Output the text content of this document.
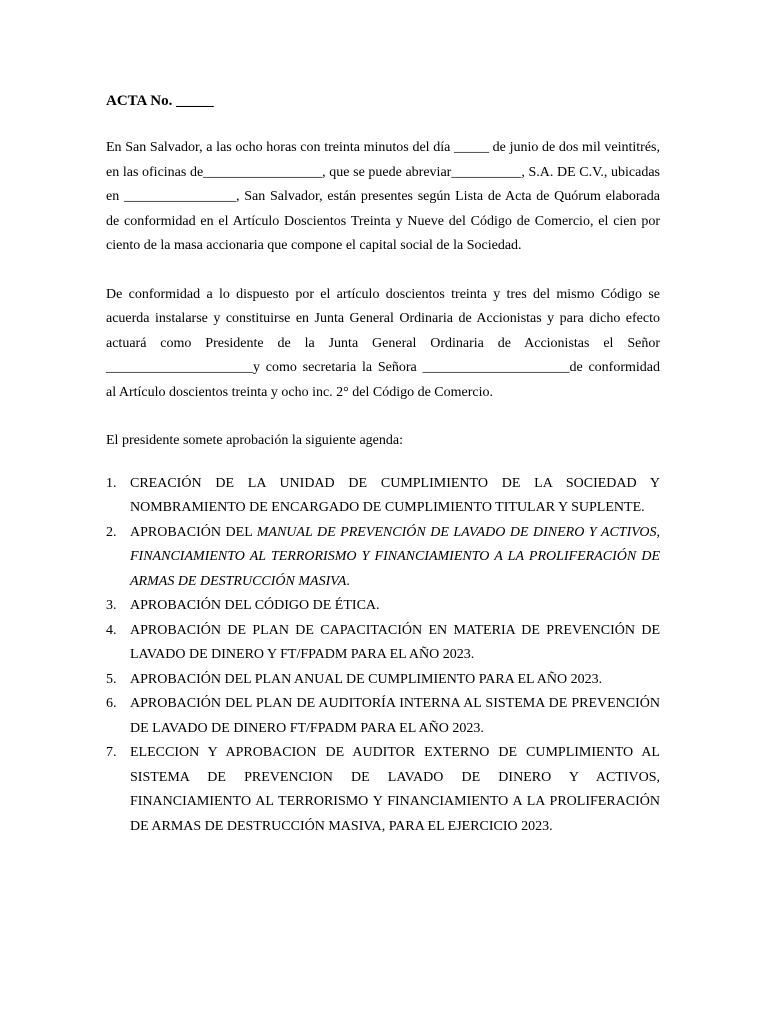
ACTA No. _____

En San Salvador, a las ocho horas con treinta minutos del día _____ de junio de dos mil veintitrés, en las oficinas de_________________, que se puede abreviar__________, S.A. DE C.V., ubicadas en ________________, San Salvador, están presentes según Lista de Acta de Quórum elaborada de conformidad en el Artículo Doscientos Treinta y Nueve del Código de Comercio, el cien por ciento de la masa accionaria que compone el capital social de la Sociedad.

De conformidad a lo dispuesto por el artículo doscientos treinta y tres del mismo Código se acuerda instalarse y constituirse en Junta General Ordinaria de Accionistas y para dicho efecto actuará como Presidente de la Junta General Ordinaria de Accionistas el Señor _____________________y como secretaria la Señora _____________________de conformidad al Artículo doscientos treinta y ocho inc. 2° del Código de Comercio.

El presidente somete aprobación la siguiente agenda:

1. CREACIÓN DE LA UNIDAD DE CUMPLIMIENTO DE LA SOCIEDAD Y NOMBRAMIENTO DE ENCARGADO DE CUMPLIMIENTO TITULAR Y SUPLENTE.
2. APROBACIÓN DEL MANUAL DE PREVENCIÓN DE LAVADO DE DINERO Y ACTIVOS, FINANCIAMIENTO AL TERRORISMO Y FINANCIAMIENTO A LA PROLIFERACIÓN DE ARMAS DE DESTRUCCIÓN MASIVA.
3. APROBACIÓN DEL CÓDIGO DE ÉTICA.
4. APROBACIÓN DE PLAN DE CAPACITACIÓN EN MATERIA DE PREVENCIÓN DE LAVADO DE DINERO Y FT/FPADM PARA EL AÑO 2023.
5. APROBACIÓN DEL PLAN ANUAL DE CUMPLIMIENTO PARA EL AÑO 2023.
6. APROBACIÓN DEL PLAN DE AUDITORÍA INTERNA AL SISTEMA DE PREVENCIÓN DE LAVADO DE DINERO FT/FPADM PARA EL AÑO 2023.
7. ELECCION Y APROBACION DE AUDITOR EXTERNO DE CUMPLIMIENTO AL SISTEMA DE PREVENCION DE LAVADO DE DINERO Y ACTIVOS, FINANCIAMIENTO AL TERRORISMO Y FINANCIAMIENTO A LA PROLIFERACIÓN DE ARMAS DE DESTRUCCIÓN MASIVA, PARA EL EJERCICIO 2023.
